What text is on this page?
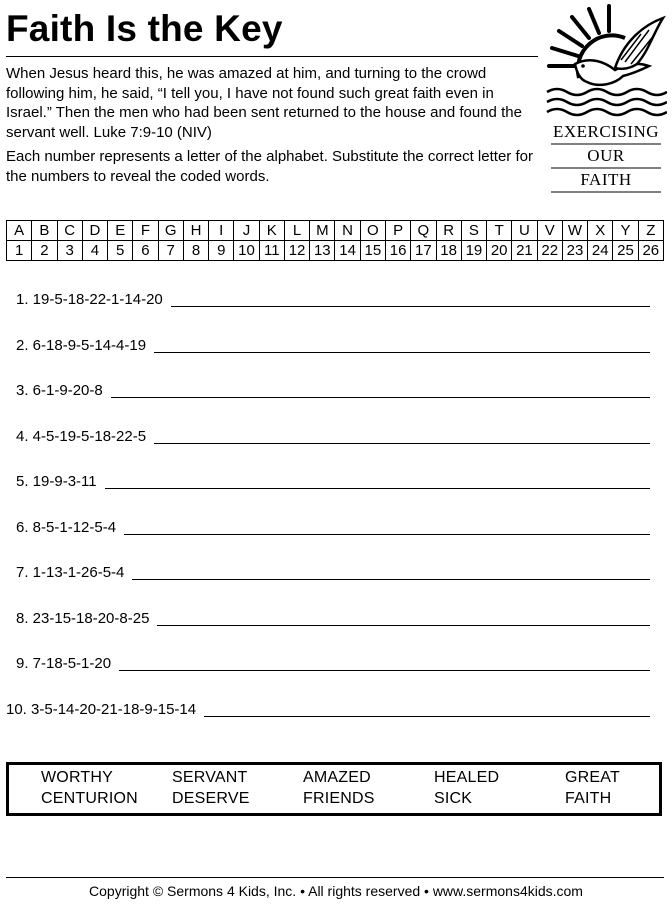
Faith Is the Key
EXERCISING
OUR
FAITH

When Jesus heard this, he was amazed at him, and turning to the crowd following him, he said, “I tell you, I have not found such great faith even in Israel.” Then the men who had been sent returned to the house and found the servant well. Luke 7:9-10 (NIV)

Each number represents a letter of the alphabet. Substitute the correct letter for the numbers to reveal the coded words.

A	B	C	D	E	F	G	H	I	J	K	L	M	N	O	P	Q	R	S	T	U	V	W	X	Y	Z
1	2	3	4	5	6	7	8	9	10	11	12	13	14	15	16	17	18	19	20	21	22	23	24	25	26
1. 19-5-18-22-1-14-20
2. 6-18-9-5-14-4-19
3. 6-1-9-20-8
4. 4-5-19-5-18-22-5
5. 19-9-3-11
6. 8-5-1-12-5-4
7. 1-13-1-26-5-4
8. 23-15-18-20-8-25
9. 7-18-5-1-20
10. 3-5-14-20-21-18-9-15-14
WORTHY	SERVANT	AMAZED	HEALED	GREAT
CENTURION DESERVE	FRIENDS	SICK	FAITH
Copyright © Sermons 4 Kids, Inc. • All rights reserved • www.sermons4kids.com
